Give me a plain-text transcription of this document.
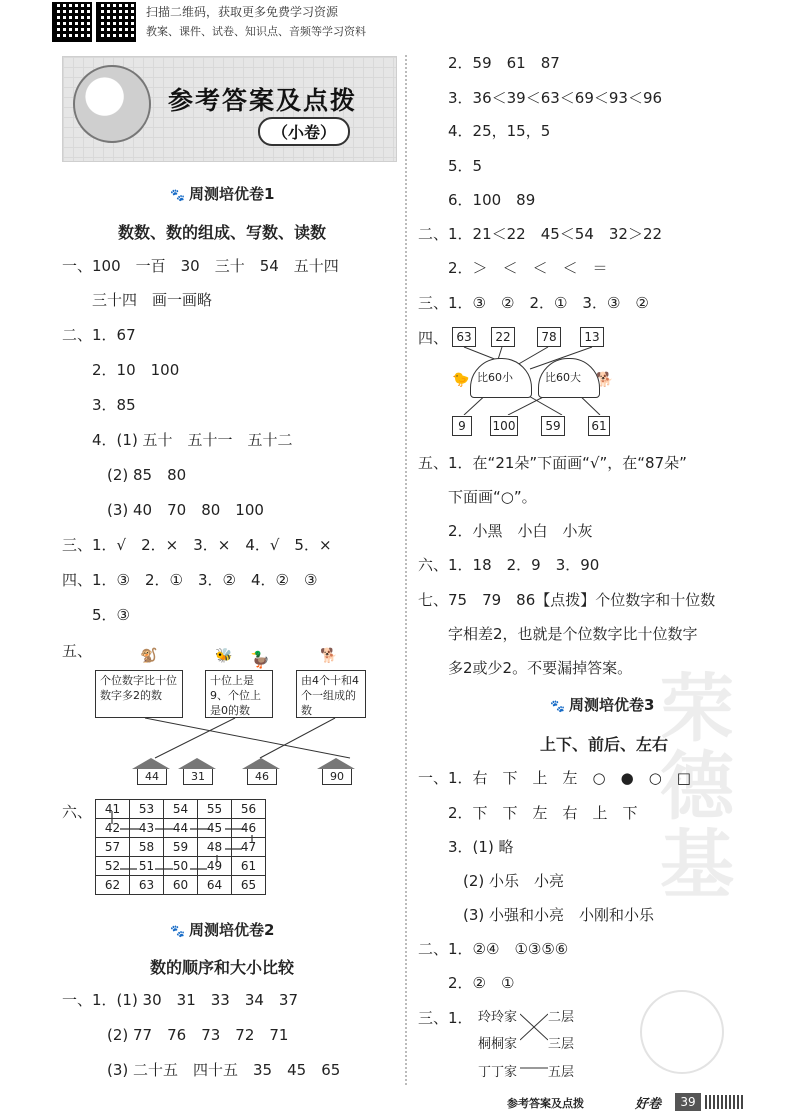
扫描二维码，获取更多免费学习资源
教案、课件、试卷、知识点、音频等学习资料
荣德基
参考答案及点拨
（小卷）
🐾 周测培优卷1
数数、数的组成、写数、读数
一、100　一百　30　三十　54　五十四
　　三十四　画一画略
二、1．67
　　2．10　100
　　3．85
　　4．(1) 五十　五十一　五十二
　　　(2) 85　80
　　　(3) 40　70　80　100
三、1．√　2．×　3．×　4．√　5．×
四、1．③　2．①　3．②　4．②　③
　　5．③
五、
个位数字比十位数字多2的数
十位上是9、个位上是0的数
🦆
🐝
🐒	🐕
由4个十和4个一组成的数
44	31	46	90
六、 41	53	54	55	56
42	43	44	45	46
57	58	59	48	47
52	51	50	49	61
62	63	60	64	65
🐾 周测培优卷2
数的顺序和大小比较
一、1．(1) 30　31　33　34　37
　　　(2) 77　76　73　72　71
　　　(3) 二十五　四十五　35　45　65
　　2．59　61　87
　　3．36＜39＜63＜69＜93＜96
　　4．25，15，5
　　5．5
　　6．100　89
二、1．21＜22　45＜54　32＞22
　　2．＞　＜　＜　＜　＝
三、1．③　②　2．①　3．③　②
四、 63	22	78	13
比60小	比60大
🐤	🐕
9	100	59	61
五、1．在“21朵”下面画“√”，在“87朵”
　　下面画“○”。
　　2．小黑　小白　小灰
六、1．18　2．9　3．90
七、75　79　86【点拨】个位数字和十位数
　　字相差2，也就是个位数字比十位数字
　　多2或少2。不要漏掉答案。
🐾 周测培优卷3
上下、前后、左右
一、1．右　下　上　左　○　●　○　□
　　2．下　下　左　右　上　下
　　3．(1) 略
　　　(2) 小乐　小亮
　　　(3) 小强和小亮　小刚和小乐
二、1．②④　①③⑤⑥
　　2．②　①
三、1． 玲玲家
桐桐家
丁丁家
二层
三层
五层
参考答案及点拨	好卷	39
